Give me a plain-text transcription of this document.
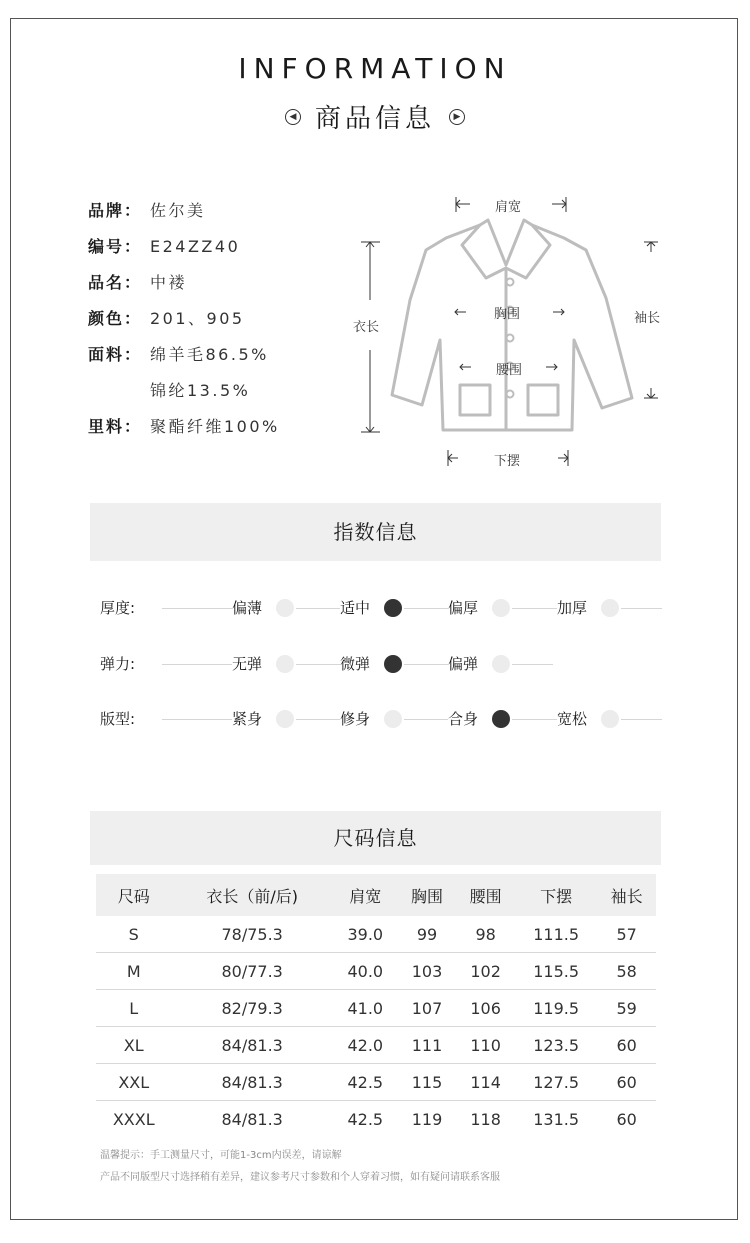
INFORMATION
◀ 商品信息	▶
品牌： 佐尔美
编号： E24ZZ40
品名： 中褛
颜色： 201、905
面料： 绵羊毛86.5%
锦纶13.5%
里料： 聚酯纤维100%
肩宽
衣长
胸围
腰围
袖长
下摆
指数信息
厚度:	偏薄	适中	偏厚	加厚
弹力:	无弹	微弹	偏弹
版型:	紧身	修身	合身	宽松
尺码信息
尺码	衣长（前/后)	肩宽	胸围	腰围	下摆	袖长
S	78/75.3	39.0	99	98	111.5	57
M	80/77.3	40.0	103	102	115.5	58
L	82/79.3	41.0	107	106	119.5	59
XL	84/81.3	42.0	111	110	123.5	60
XXL	84/81.3	42.5	115	114	127.5	60
XXXL	84/81.3	42.5	119	118	131.5	60
温馨提示：手工测量尺寸，可能1-3cm内误差，请谅解
产品不同版型尺寸选择稍有差异，建议参考尺寸参数和个人穿着习惯，如有疑问请联系客服
